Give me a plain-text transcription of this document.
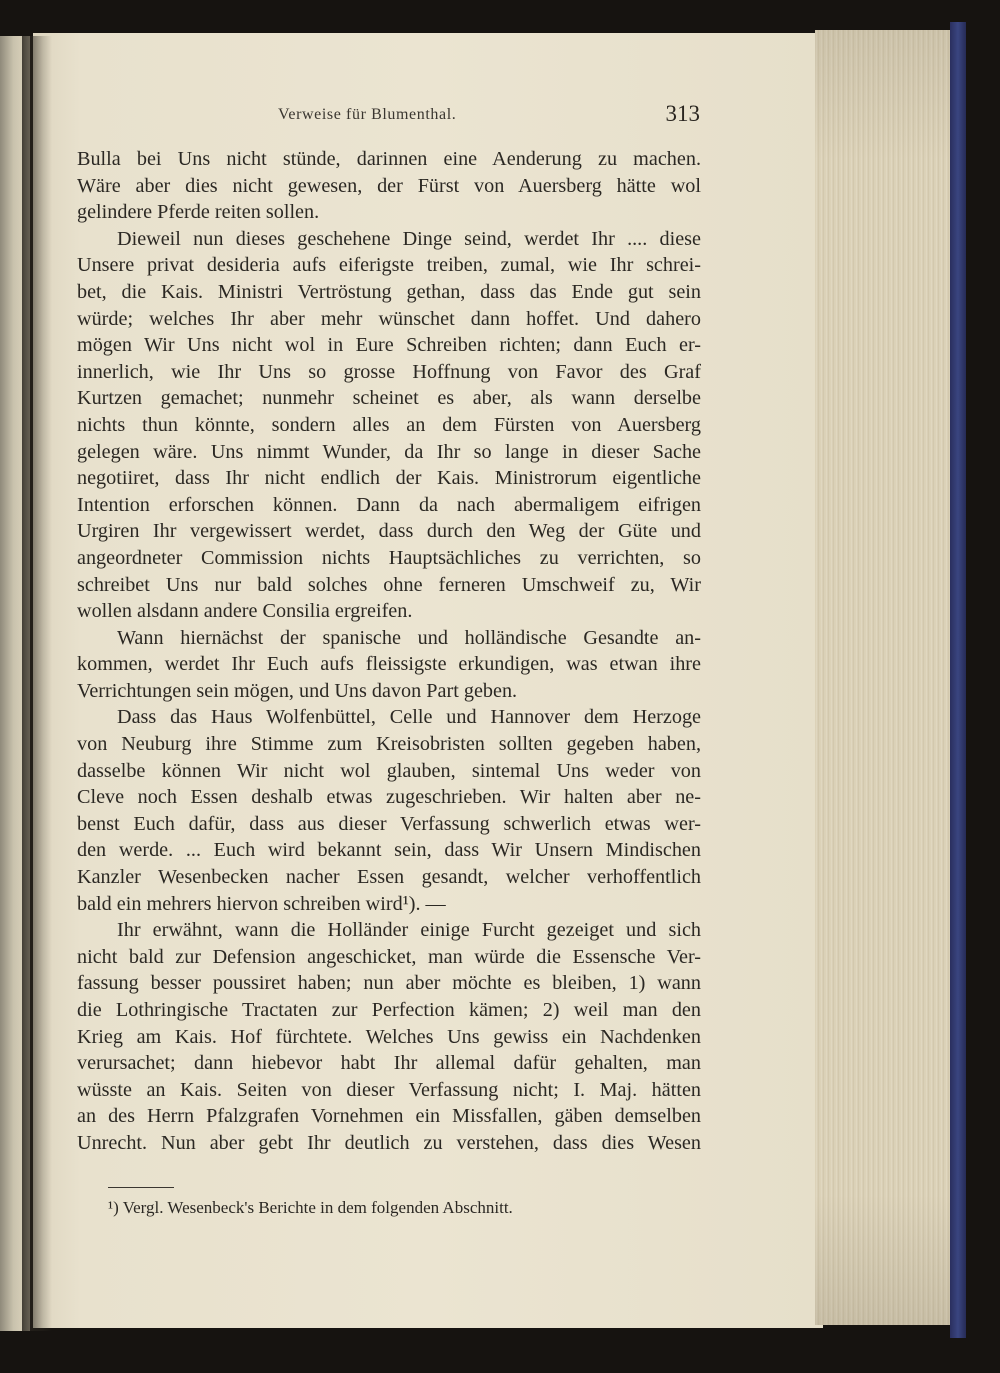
Verweise für Blumenthal.	313
Bulla bei Uns nicht stünde, darinnen eine Aenderung zu machen.
Wäre aber dies nicht gewesen, der Fürst von Auersberg hätte wol
gelindere Pferde reiten sollen.
Dieweil nun dieses geschehene Dinge seind, werdet Ihr .... diese
Unsere privat desideria aufs eiferigste treiben, zumal, wie Ihr schrei-
bet, die Kais. Ministri Vertröstung gethan, dass das Ende gut sein
würde; welches Ihr aber mehr wünschet dann hoffet. Und dahero
mögen Wir Uns nicht wol in Eure Schreiben richten; dann Euch er-
innerlich, wie Ihr Uns so grosse Hoffnung von Favor des Graf
Kurtzen gemachet; nunmehr scheinet es aber, als wann derselbe
nichts thun könnte, sondern alles an dem Fürsten von Auersberg
gelegen wäre. Uns nimmt Wunder, da Ihr so lange in dieser Sache
negotiiret, dass Ihr nicht endlich der Kais. Ministrorum eigentliche
Intention erforschen können. Dann da nach abermaligem eifrigen
Urgiren Ihr vergewissert werdet, dass durch den Weg der Güte und
angeordneter Commission nichts Hauptsächliches zu verrichten, so
schreibet Uns nur bald solches ohne ferneren Umschweif zu, Wir
wollen alsdann andere Consilia ergreifen.
Wann hiernächst der spanische und holländische Gesandte an-
kommen, werdet Ihr Euch aufs fleissigste erkundigen, was etwan ihre
Verrichtungen sein mögen, und Uns davon Part geben.
Dass das Haus Wolfenbüttel, Celle und Hannover dem Herzoge
von Neuburg ihre Stimme zum Kreisobristen sollten gegeben haben,
dasselbe können Wir nicht wol glauben, sintemal Uns weder von
Cleve noch Essen deshalb etwas zugeschrieben. Wir halten aber ne-
benst Euch dafür, dass aus dieser Verfassung schwerlich etwas wer-
den werde. ... Euch wird bekannt sein, dass Wir Unsern Mindischen
Kanzler Wesenbecken nacher Essen gesandt, welcher verhoffentlich
bald ein mehrers hiervon schreiben wird¹). —
Ihr erwähnt, wann die Holländer einige Furcht gezeiget und sich
nicht bald zur Defension angeschicket, man würde die Essensche Ver-
fassung besser poussiret haben; nun aber möchte es bleiben, 1) wann
die Lothringische Tractaten zur Perfection kämen; 2) weil man den
Krieg am Kais. Hof fürchtete. Welches Uns gewiss ein Nachdenken
verursachet; dann hiebevor habt Ihr allemal dafür gehalten, man
wüsste an Kais. Seiten von dieser Verfassung nicht; I. Maj. hätten
an des Herrn Pfalzgrafen Vornehmen ein Missfallen, gäben demselben
Unrecht. Nun aber gebt Ihr deutlich zu verstehen, dass dies Wesen
¹) Vergl. Wesenbeck's Berichte in dem folgenden Abschnitt.
